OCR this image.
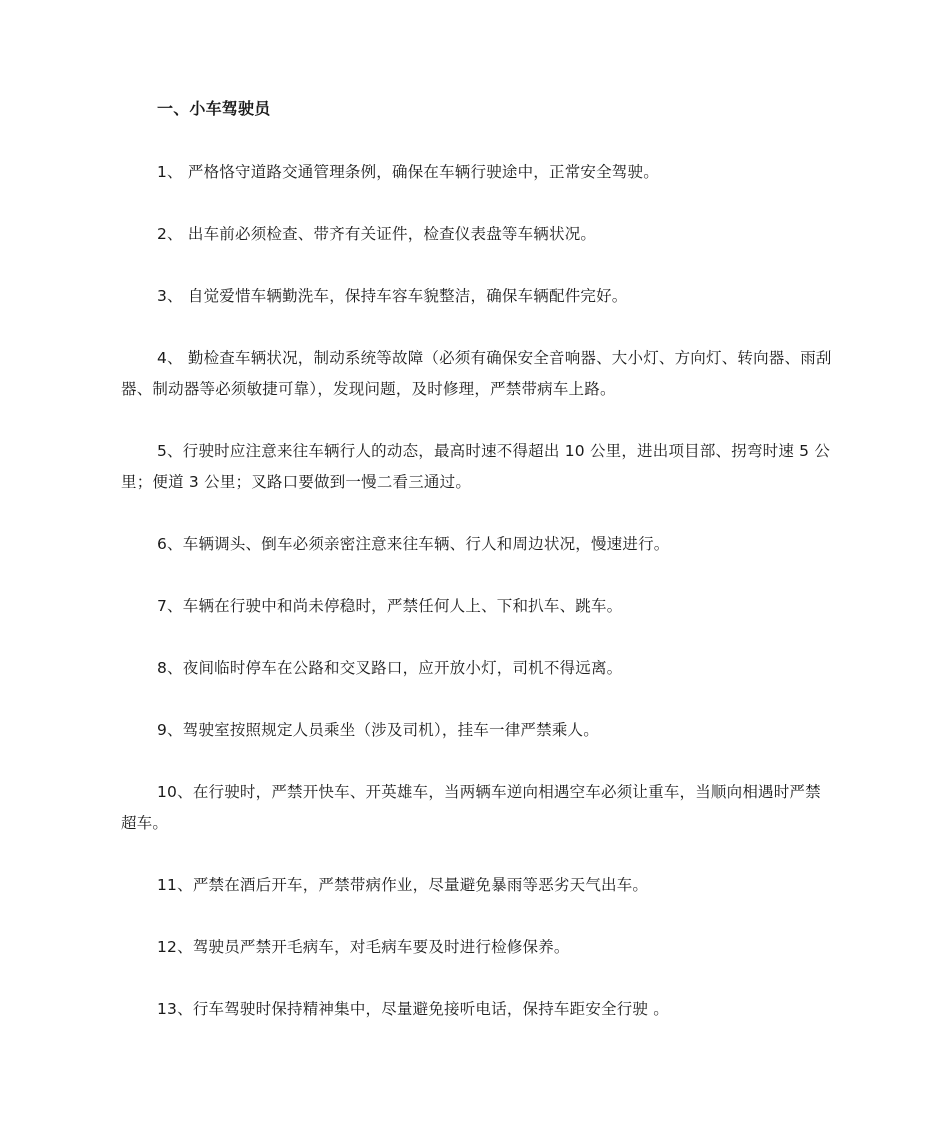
一、小车驾驶员

1、 严格恪守道路交通管理条例，确保在车辆行驶途中，正常安全驾驶。

2、 出车前必须检查、带齐有关证件，检查仪表盘等车辆状况。

3、 自觉爱惜车辆勤洗车，保持车容车貌整洁，确保车辆配件完好。

4、 勤检查车辆状况，制动系统等故障（必须有确保安全音响器、大小灯、方向灯、转向器、雨刮器、制动器等必须敏捷可靠），发现问题，及时修理，严禁带病车上路。

5、行驶时应注意来往车辆行人的动态，最高时速不得超出 10 公里，进出项目部、拐弯时速 5 公里；便道 3 公里；叉路口要做到一慢二看三通过。

6、车辆调头、倒车必须亲密注意来往车辆、行人和周边状况，慢速进行。

7、车辆在行驶中和尚未停稳时，严禁任何人上、下和扒车、跳车。

8、夜间临时停车在公路和交叉路口，应开放小灯，司机不得远离。

9、驾驶室按照规定人员乘坐（涉及司机），挂车一律严禁乘人。

10、在行驶时，严禁开快车、开英雄车，当两辆车逆向相遇空车必须让重车，当顺向相遇时严禁超车。

11、严禁在酒后开车，严禁带病作业，尽量避免暴雨等恶劣天气出车。

12、驾驶员严禁开毛病车，对毛病车要及时进行检修保养。

13、行车驾驶时保持精神集中，尽量避免接听电话，保持车距安全行驶 。
